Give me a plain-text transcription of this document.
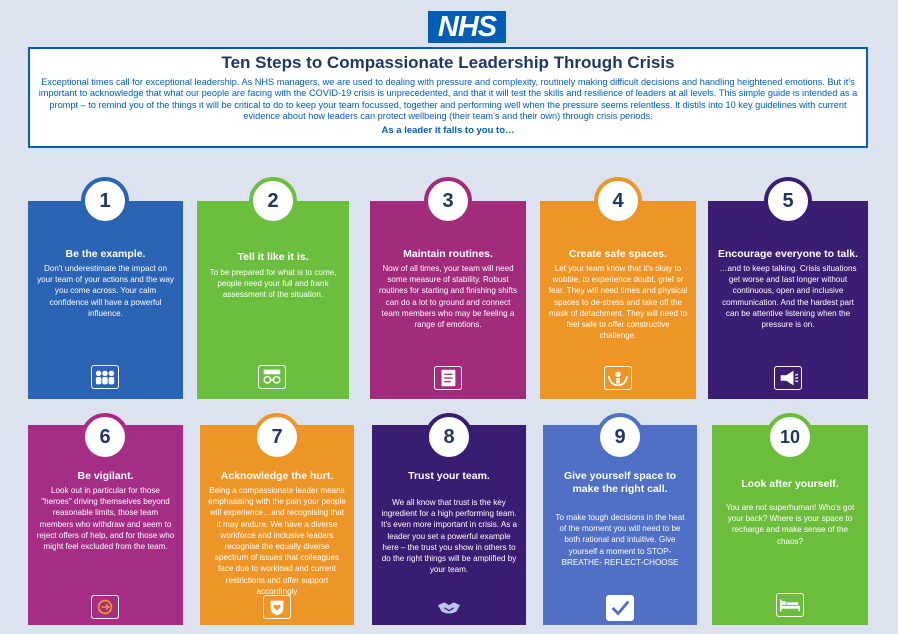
NHS
Ten Steps to Compassionate Leadership Through Crisis

Exceptional times call for exceptional leadership. As NHS managers, we are used to dealing with pressure and complexity, routinely making difficult decisions and handling heightened emotions. But it's important to acknowledge that what our people are facing with the COVID-19 crisis is unprecedented, and that it will test the skills and resilience of leaders at all levels. This simple guide is intended as a prompt – to remind you of the things it will be critical to do to keep your team focussed, together and performing well when the pressure seems relentless. It distils into 10 key guidelines with current evidence about how leaders can protect wellbeing (their team's and their own) through crisis periods.

As a leader it falls to you to…

1
Be the example.
Don't underestimate the impact on your team of your actions and the way you come across. Your calm confidence will have a powerful influence.
2
Tell it like it is.
To be prepared for what is to come, people need your full and frank assessment of the situation.
3
Maintain routines.
Now of all times, your team will need some measure of stability. Robust routines for starting and finishing shifts can do a lot to ground and connect team members who may be feeling a range of emotions.
4
Create safe spaces.
Let your team know that it's okay to wobble, to experience doubt, grief or fear. They will need times and physical spaces to de-stress and take off the mask of detachment. They will need to feel safe to offer constructive challenge.
5
Encourage everyone to talk.
…and to keep talking. Crisis situations get worse and last longer without continuous, open and inclusive communication. And the hardest part can be attentive listening when the pressure is on.
6
Be vigilant.
Look out in particular for those "heroes" driving themselves beyond reasonable limits, those team members who withdraw and seem to reject offers of help, and for those who might feel excluded from the team.
7
Acknowledge the hurt.
Being a compassionate leader means emphasising with the pain your people will experience…and recognising that it may endure. We have a diverse workforce and inclusive leaders recognise the equally diverse spectrum of issues that colleagues face due to workload and current restrictions and offer support accordingly
8
Trust your team.
We all know that trust is the key ingredient for a high performing team. It's even more important in crisis. As a leader you set a powerful example here – the trust you show in others to do the right things will be amplified by your team.
9
Give yourself space to make the right call.
To make tough decisions in the heat of the moment you will need to be both rational and intuitive. Give yourself a moment to STOP-BREATHE- REFLECT-CHOOSE
10
Look after yourself.
You are not superhuman! Who's got your back? Where is your space to recharge and make sense of the chaos?
